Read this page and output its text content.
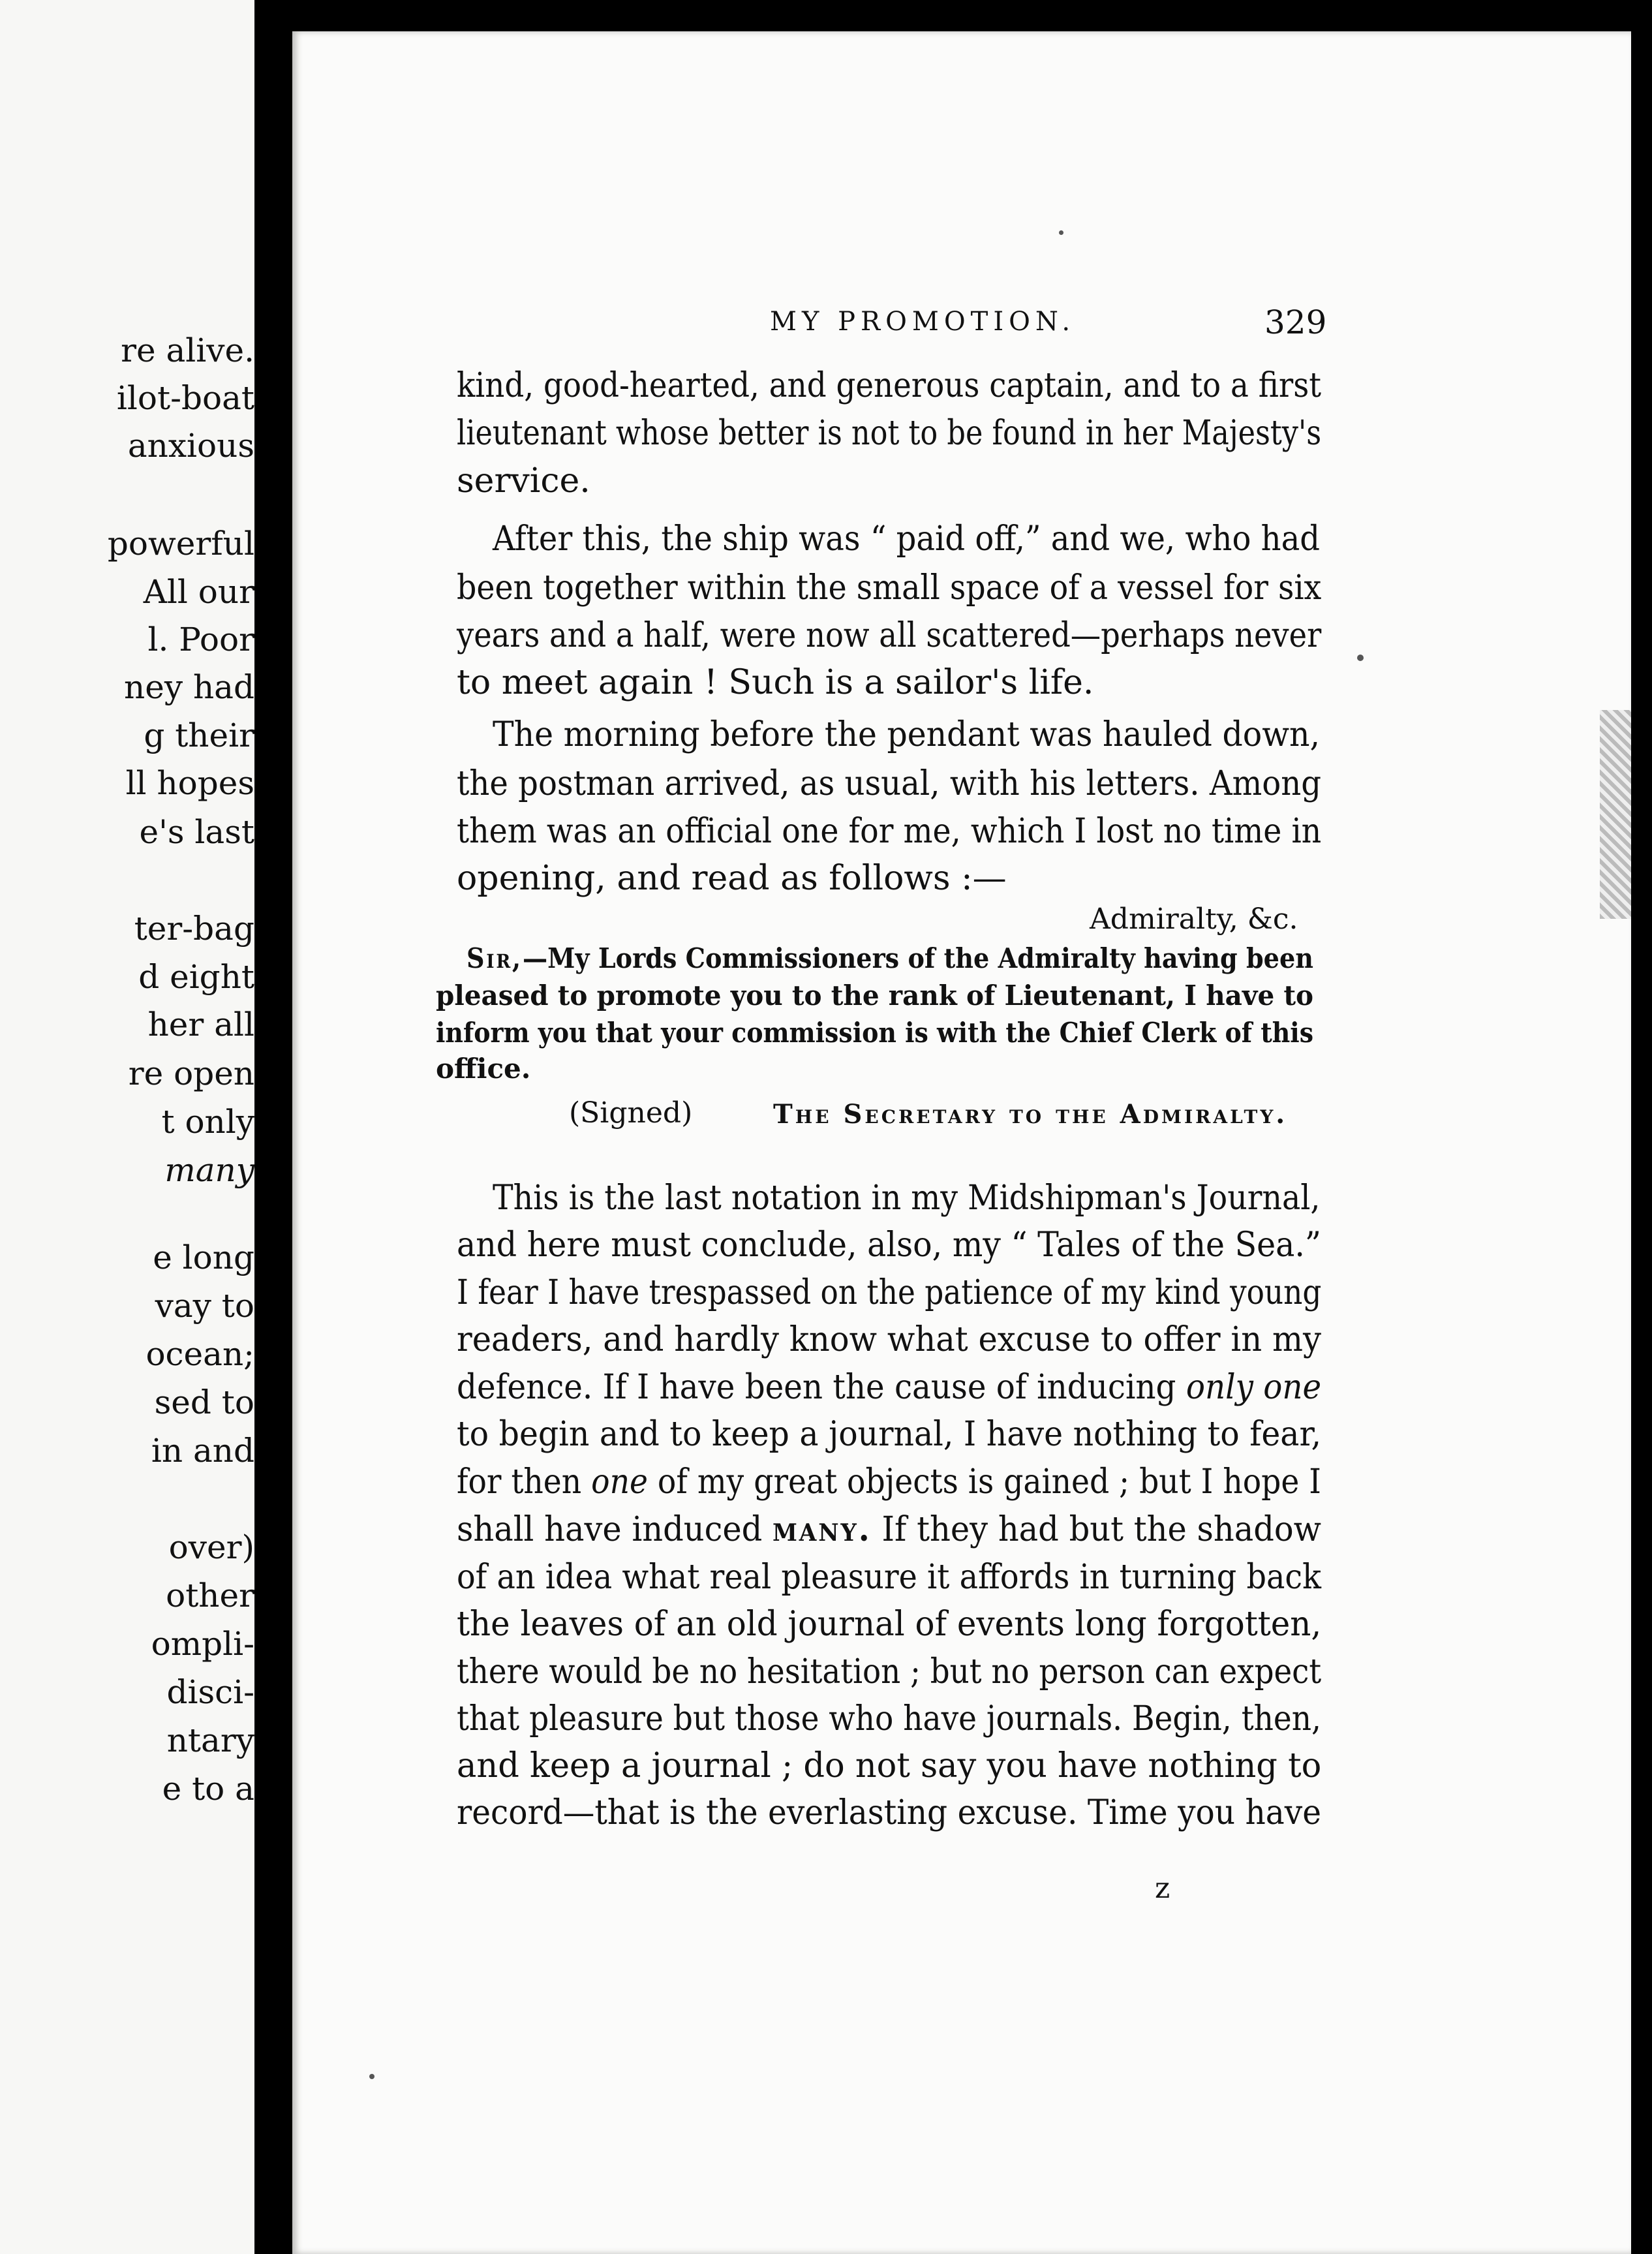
re alive.
ilot-boat
anxious
powerful
All our
l. Poor
ney had
g their
ll hopes
e's last
ter-bag
d eight
her all
re open
t only
many
e long
vay to
ocean;
sed to
in and
over)
other
ompli-
disci-
ntary
e to a
MY PROMOTION.	329
kind, good-hearted, and generous captain, and to a first
lieutenant whose better is not to be found in her Majesty's
service.
After this, the ship was “ paid off,” and we, who had
been together within the small space of a vessel for six
years and a half, were now all scattered—perhaps never
to meet again ! Such is a sailor's life.
The morning before the pendant was hauled down,
the postman arrived, as usual, with his letters. Among
them was an official one for me, which I lost no time in
opening, and read as follows :—
Admiralty, &c.
Sir,—My Lords Commissioners of the Admiralty having been
pleased to promote you to the rank of Lieutenant, I have to
inform you that your commission is with the Chief Clerk of this
office.
(Signed)	The Secretary to the Admiralty.
This is the last notation in my Midshipman's Journal,
and here must conclude, also, my “ Tales of the Sea.”
I fear I have trespassed on the patience of my kind young
readers, and hardly know what excuse to offer in my
defence. If I have been the cause of inducing only one
to begin and to keep a journal, I have nothing to fear,
for then one of my great objects is gained ; but I hope I
shall have induced many. If they had but the shadow
of an idea what real pleasure it affords in turning back
the leaves of an old journal of events long forgotten,
there would be no hesitation ; but no person can expect
that pleasure but those who have journals. Begin, then,
and keep a journal ; do not say you have nothing to
record—that is the everlasting excuse. Time you have
z
